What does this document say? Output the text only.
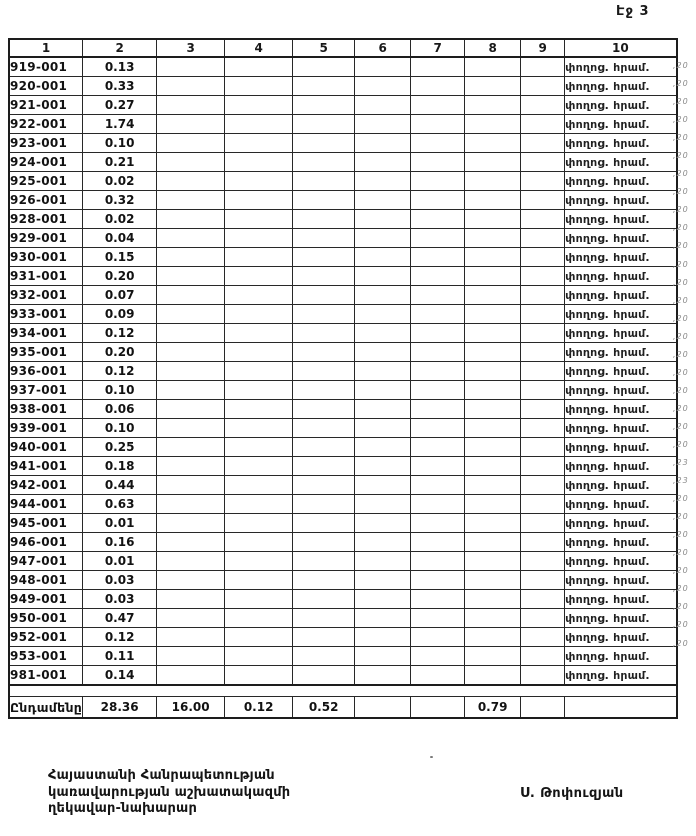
Էջ 3
1	2	3	4	5	6	7	8	9	10
919-001	0.13								փողոց. հրամ.
920-001	0.33								փողոց. հրամ.
921-001	0.27								փողոց. հրամ.
922-001	1.74								փողոց. հրամ.
923-001	0.10								փողոց. հրամ.
924-001	0.21								փողոց. հրամ.
925-001	0.02								փողոց. հրամ.
926-001	0.32								փողոց. հրամ.
928-001	0.02								փողոց. հրամ.
929-001	0.04								փողոց. հրամ.
930-001	0.15								փողոց. հրամ.
931-001	0.20								փողոց. հրամ.
932-001	0.07								փողոց. հրամ.
933-001	0.09								փողոց. հրամ.
934-001	0.12								փողոց. հրամ.
935-001	0.20								փողոց. հրամ.
936-001	0.12								փողոց. հրամ.
937-001	0.10								փողոց. հրամ.
938-001	0.06								փողոց. հրամ.
939-001	0.10								փողոց. հրամ.
940-001	0.25								փողոց. հրամ.
941-001	0.18								փողոց. հրամ.
942-001	0.44								փողոց. հրամ.
944-001	0.63								փողոց. հրամ.
945-001	0.01								փողոց. հրամ.
946-001	0.16								փողոց. հրամ.
947-001	0.01								փողոց. հրամ.
948-001	0.03								փողոց. հրամ.
949-001	0.03								փողոց. հրամ.
950-001	0.47								փողոց. հրամ.
952-001	0.12								փողոց. հրամ.
953-001	0.11								փողոց. հրամ.
981-001	0.14								փողոց. հրամ.

Ընդամենը	28.36	16.00	0.12	0.52			0.79		
,20
,20
,20
,20
,20
,20
,20
,20
,20
,20
,20
,20
,20
,20
,20
,20
,20
,20
,20
,20
,20
,20
,23
,23
,20
,20
,20
,20
,20
,20
,20
,20
,20
Հայաստանի Հանրապետության
կառավարության աշխատակազմի
ղեկավար-նախարար
Ս. Թոփուզյան
